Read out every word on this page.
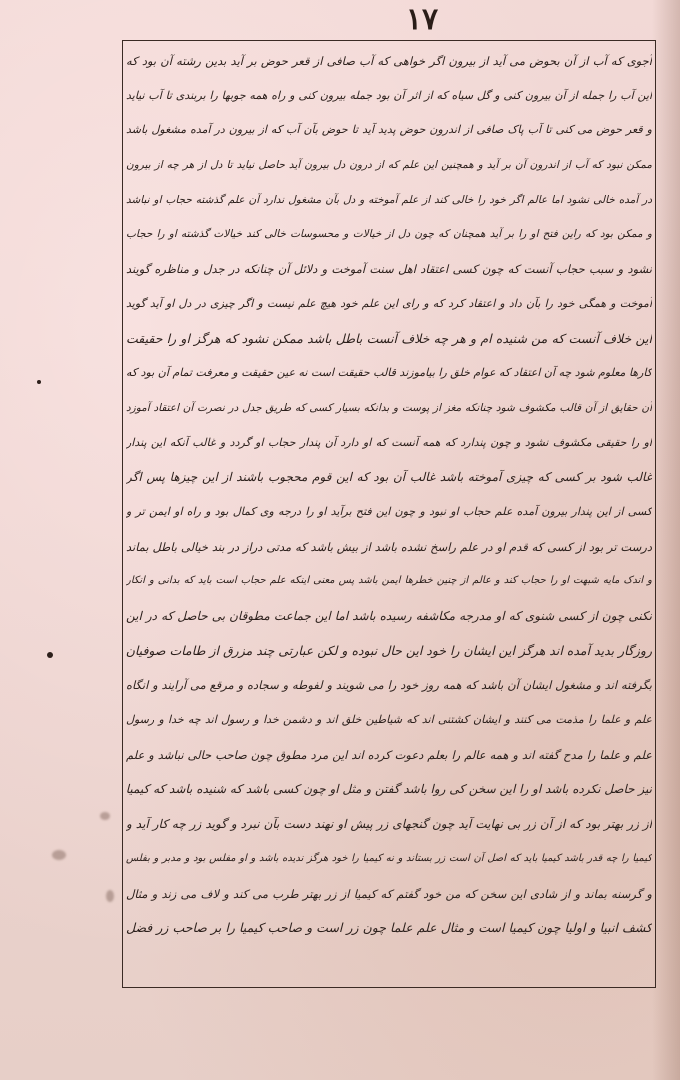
۱۷
آجوی که آب از آن بحوض می آید از بیرون اگر خواهی که آب صافی از قعر حوض بر آید بدین رشته آن بود که
این آب را جمله از آن بیرون کنی و گل سیاه که از اثر آن بود جمله بیرون کنی و راه همه جوبها را بربندی تا آب نیاید
و قعر حوض می کنی تا آب پاک صافی از اندرون حوض پدید آید تا حوض بآن آب که از بیرون در آمده مشغول باشد
ممکن نبود که آب از اندرون آن بر آید و همچنین این علم که از درون دل بیرون آید حاصل نیاید تا دل از هر چه از بیرون
در آمده خالی نشود اما عالم اگر خود را خالی کند از علم آموخته و دل بآن مشغول ندارد آن علم گذشته حجاب او نباشد
و ممکن بود که راین فتح او را بر آید همچنان که چون دل از خیالات و محسوسات خالی کند خیالات گذشته او را حجاب
نشود و سبب حجاب آنست که چون کسی اعتقاد اهل سنت آموخت و دلائل آن چنانکه در جدل و مناظره گویند
آموخت و همگی خود را بآن داد و اعتقاد کرد که و رای این علم خود هیچ علم نیست و اگر چیزی در دل او آید گوید
این خلاف آنست که من شنیده ام و هر چه خلاف آنست باطل باشد ممکن نشود که هرگز او را حقیقت
کارها معلوم شود چه آن اعتقاد که عوام خلق را بیاموزند قالب حقیقت است نه عین حقیقت و معرفت تمام آن بود که
آن حقایق از آن قالب مکشوف شود چنانکه مغز از پوست و بدانکه بسیار کسی که طریق جدل در نصرت آن اعتقاد آموزد
او را حقیقی مکشوف نشود و چون پندارد که همه آنست که او دارد آن پندار حجاب او گردد و غالب آنکه این پندار
غالب شود بر کسی که چیزی آموخته باشد غالب آن بود که این قوم محجوب باشند از این چیزها پس اگر
کسی از این پندار بیرون آمده علم حجاب او نبود و چون این فتح برآید او را درجه وی کمال بود و راه او ایمن تر و
درست تر بود از کسی که قدم او در علم راسخ نشده باشد از بیش باشد که مدتی دراز در بند خیالی باطل بماند
و اندک مایه شبهت او را حجاب کند و عالم از چنین خطرها ایمن باشد پس معنی اینکه علم حجاب است باید که بدانی و انکار
نکنی چون از کسی شنوی که او مدرجه مکاشفه رسیده باشد اما این جماعت مطوقان بی حاصل که در این
روزگار بدید آمده اند هرگز این ایشان را خود این حال نبوده و لکن عبارتی چند مزرق از طامات صوفیان
بگرفته اند و مشغول ایشان آن باشد که همه روز خود را می شویند و لفوطه و سجاده و مرقع می آرایند و انگاه
علم و علما را مذمت می کنند و ایشان کشتنی اند که شیاطین خلق اند و دشمن خدا و رسول اند چه خدا و رسول
علم و علما را مدح گفته اند و همه عالم را بعلم دعوت کرده اند این مرد مطوق چون صاحب حالی نباشد و علم
نیز حاصل نکرده باشد او را این سخن کی روا باشد گفتن و مثل او چون کسی باشد که شنیده باشد که کیمیا
از زر بهتر بود که از آن زر بی نهایت آید چون گنجهای زر پیش او نهند دست بآن نبرد و گوید زر چه کار آید و
کیمیا را چه قدر باشد کیمیا باید که اصل آن است زر بستاند و نه کیمیا را خود هرگز ندیده باشد و او مفلس بود و مدبر و بفلس
و گرسنه بماند و از شادی این سخن که من خود گفتم که کیمیا از زر بهتر طرب می کند و لاف می زند و مثال
کشف انبیا و اولیا چون کیمیا است و مثال علم علما چون زر است و صاحب کیمیا را بر صاحب زر فضل
